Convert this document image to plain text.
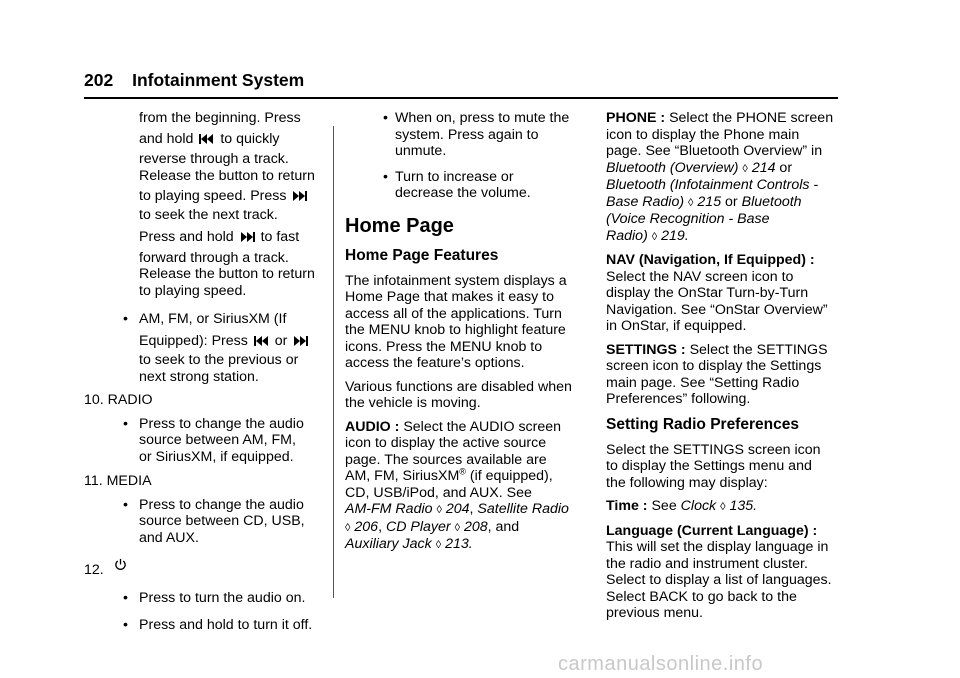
202 Infotainment System
from the beginning. Press
and hold to quickly
reverse through a track.
Release the button to return
to playing speed. Press
to seek the next track.
Press and hold to fast
forward through a track.
Release the button to return
to playing speed.
• AM, FM, or SiriusXM (If
Equipped): Press or
to seek to the previous or
next strong station.
10. RADIO
• Press to change the audio
source between AM, FM,
or SiriusXM, if equipped.
11. MEDIA
• Press to change the audio
source between CD, USB,
and AUX.
12.
• Press to turn the audio on.
• Press and hold to turn it off.
• When on, press to mute the
system. Press again to
unmute.
• Turn to increase or
decrease the volume.
Home Page
Home Page Features

The infotainment system displays a
Home Page that makes it easy to
access all of the applications. Turn
the MENU knob to highlight feature
icons. Press the MENU knob to
access the feature’s options.

Various functions are disabled when
the vehicle is moving.

AUDIO : Select the AUDIO screen
icon to display the active source
page. The sources available are
AM, FM, SiriusXM® (if equipped),
CD, USB/iPod, and AUX. See
AM-FM Radio ◊ 204, Satellite Radio
◊ 206, CD Player ◊ 208, and
Auxiliary Jack ◊ 213.

PHONE : Select the PHONE screen
icon to display the Phone main
page. See “Bluetooth Overview” in
Bluetooth (Overview) ◊ 214 or
Bluetooth (Infotainment Controls -
Base Radio) ◊ 215 or Bluetooth
(Voice Recognition - Base
Radio) ◊ 219.

NAV (Navigation, If Equipped) :
Select the NAV screen icon to
display the OnStar Turn-by-Turn
Navigation. See “OnStar Overview”
in OnStar, if equipped.

SETTINGS : Select the SETTINGS
screen icon to display the Settings
main page. See “Setting Radio
Preferences” following.

Setting Radio Preferences

Select the SETTINGS screen icon
to display the Settings menu and
the following may display:

Time : See Clock ◊ 135.

Language (Current Language) :
This will set the display language in
the radio and instrument cluster.
Select to display a list of languages.
Select BACK to go back to the
previous menu.

carmanualsonline.info
